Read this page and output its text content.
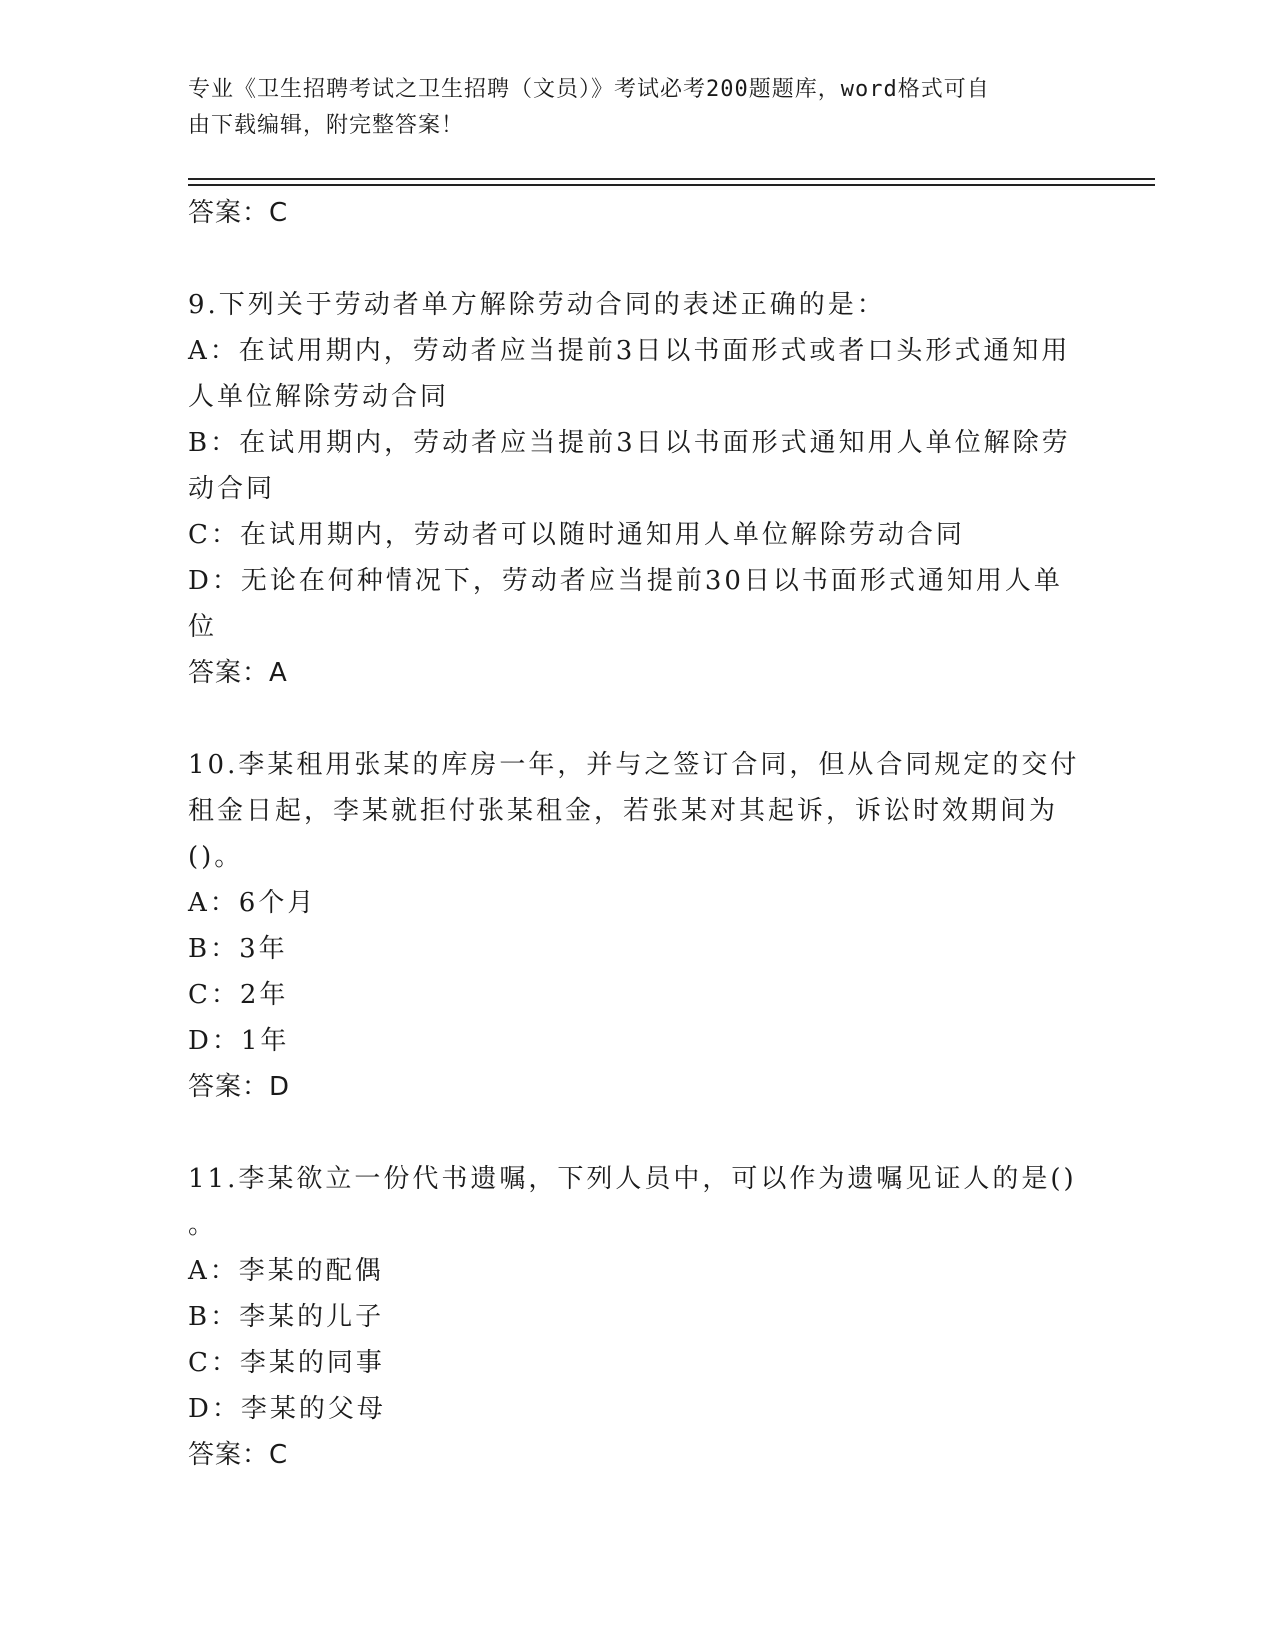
专业《卫生招聘考试之卫生招聘（文员）》考试必考200题题库，word格式可自
由下载编辑，附完整答案！
答案：C
9.下列关于劳动者单方解除劳动合同的表述正确的是：
A：在试用期内，劳动者应当提前3日以书面形式或者口头形式通知用
人单位解除劳动合同
B：在试用期内，劳动者应当提前3日以书面形式通知用人单位解除劳
动合同
C：在试用期内，劳动者可以随时通知用人单位解除劳动合同
D：无论在何种情况下，劳动者应当提前30日以书面形式通知用人单
位
答案：A
10.李某租用张某的库房一年，并与之签订合同，但从合同规定的交付
租金日起，李某就拒付张某租金，若张某对其起诉，诉讼时效期间为
()。
A：6个月
B：3年
C：2年
D：1年
答案：D
11.李某欲立一份代书遗嘱，下列人员中，可以作为遗嘱见证人的是()
。
A：李某的配偶
B：李某的儿子
C：李某的同事
D：李某的父母
答案：C
